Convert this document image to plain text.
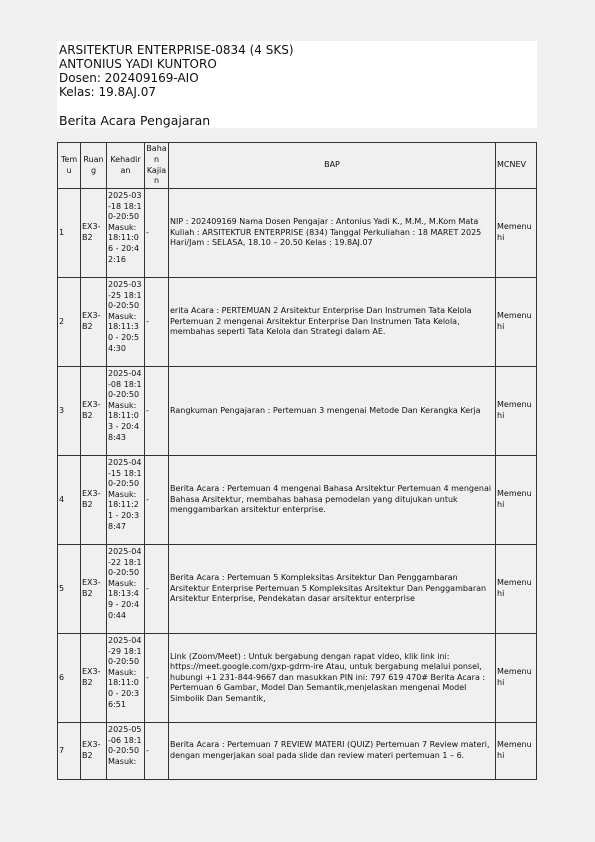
ARSITEKTUR ENTERPRISE-0834 (4 SKS)
ANTONIUS YADI KUNTORO
Dosen: 202409169-AIO
Kelas: 19.8AJ.07
Berita Acara Pengajaran
Temu	Ruang	Kehadiran	Bahan Kajian	BAP	MCNEV
1	EX3-B2	2025-03-18 18:10-20:50 Masuk: 18:11:06 - 20:42:16	-	NIP : 202409169 Nama Dosen Pengajar : Antonius Yadi K., M.M., M.Kom Mata Kuliah : ARSITEKTUR ENTERPRISE (834) Tanggal Perkuliahan : 18 MARET 2025 Hari/Jam : SELASA, 18.10 – 20.50 Kelas : 19.8AJ.07	Memenuhi
2	EX3-B2	2025-03-25 18:10-20:50 Masuk: 18:11:30 - 20:54:30	-	erita Acara : PERTEMUAN 2 Arsitektur Enterprise Dan Instrumen Tata Kelola Pertemuan 2 mengenai Arsitektur Enterprise Dan Instrumen Tata Kelola, membahas seperti Tata Kelola dan Strategi dalam AE.	Memenuhi
3	EX3-B2	2025-04-08 18:10-20:50 Masuk: 18:11:03 - 20:48:43	-	Rangkuman Pengajaran : Pertemuan 3 mengenai Metode Dan Kerangka Kerja	Memenuhi
4	EX3-B2	2025-04-15 18:10-20:50 Masuk: 18:11:21 - 20:38:47	-	Berita Acara : Pertemuan 4 mengenai Bahasa Arsitektur Pertemuan 4 mengenai Bahasa Arsitektur, membahas bahasa pemodelan yang ditujukan untuk menggambarkan arsitektur enterprise.	Memenuhi
5	EX3-B2	2025-04-22 18:10-20:50 Masuk: 18:13:49 - 20:40:44	-	Berita Acara : Pertemuan 5 Kompleksitas Arsitektur Dan Penggambaran Arsitektur Enterprise Pertemuan 5 Kompleksitas Arsitektur Dan Penggambaran Arsitektur Enterprise, Pendekatan dasar arsitektur enterprise	Memenuhi
6	EX3-B2	2025-04-29 18:10-20:50 Masuk: 18:11:00 - 20:36:51	-	Link (Zoom/Meet) : Untuk bergabung dengan rapat video, klik link ini: https://meet.google.com/gxp-gdrm-ire Atau, untuk bergabung melalui ponsel, hubungi +1 231-844-9667 dan masukkan PIN ini: 797 619 470# Berita Acara : Pertemuan 6 Gambar, Model Dan Semantik,menjelaskan mengenai Model Simbolik Dan Semantik,	Memenuhi
7	EX3-B2	2025-05-06 18:10-20:50 Masuk:	-	Berita Acara : Pertemuan 7 REVIEW MATERI (QUIZ) Pertemuan 7 Review materi, dengan mengerjakan soal pada slide dan review materi pertemuan 1 – 6.	Memenuhi
